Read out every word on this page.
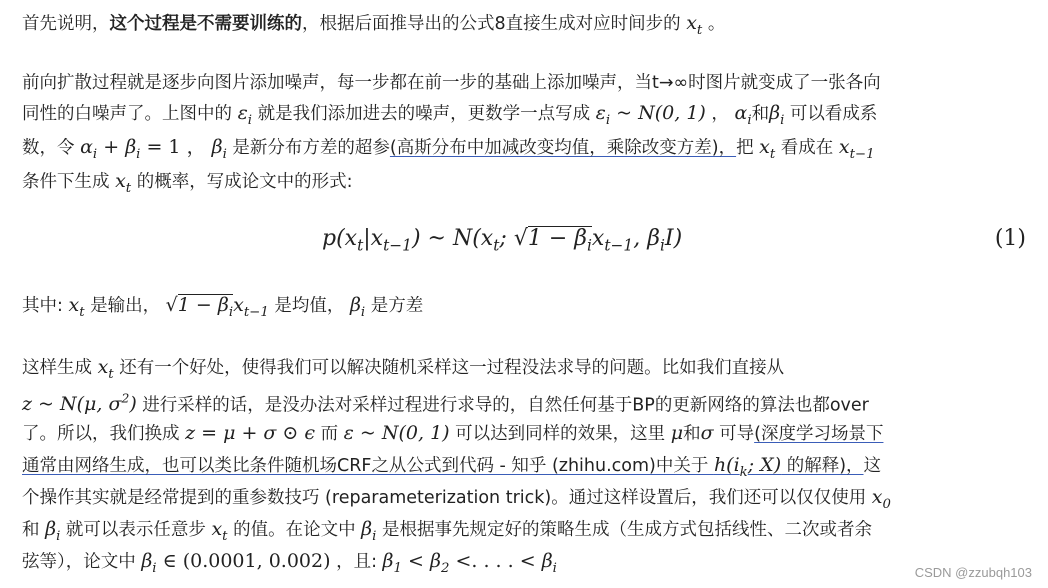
首先说明，这个过程是不需要训练的，根据后面推导出的公式8直接生成对应时间步的 $x_t$ 。
前向扩散过程就是逐步向图片添加噪声，每一步都在前一步的基础上添加噪声，当t→∞时图片就变成了一张各向
同性的白噪声了。上图中的 $\varepsilon_i$ 就是我们添加进去的噪声，更数学一点写成 $\varepsilon_i$ ~ N(0, 1) ， $\alpha_i$和$\beta_i$ 可以看成系
数，令 $\alpha_i + \beta_i = 1$ ， $\beta_i$ 是新分布方差的超参(高斯分布中加减改变均值，乘除改变方差)，把 $x_t$ 看成在 $x_{t-1}$
条件下生成 $x_t$ 的概率，写成论文中的形式:
$p(x_t|x_{t-1})$ ~ $N(x_t$; $√1 - \beta_ix_{t-1}$, $\beta_iI$)	(1)
其中: $x_t$ 是输出， $√1 - \beta_ix_{t-1}$ 是均值， $\beta_i$ 是方差
这样生成 $x_t$ 还有一个好处，使得我们可以解决随机采样这一过程没法求导的问题。比如我们直接从
z ~ N(μ, $\sigma^2$) 进行采样的话，是没办法对采样过程进行求导的，自然任何基于BP的更新网络的算法也都over
了。所以，我们换成 z = μ + σ ⊙ ϵ 而 ε ~ N(0, 1) 可以达到同样的效果，这里 μ和σ 可导(深度学习场景下
通常由网络生成，也可以类比条件随机场CRF之从公式到代码 - 知乎 (zhihu.com)中关于 $h(i_k$; X) 的解释)，这
个操作其实就是经常提到的重参数技巧 (reparameterization trick)。通过这样设置后，我们还可以仅仅使用 $x_0$
和 $\beta_i$ 就可以表示任意步 $x_t$ 的值。在论文中 $\beta_i$ 是根据事先规定好的策略生成（生成方式包括线性、二次或者余
弦等），论文中 $\beta_i$ ∈ (0.0001, 0.002) ，且: $\beta_1 < \beta_2$ <. . . . < $\beta_i$	CSDN @zzubqh103
